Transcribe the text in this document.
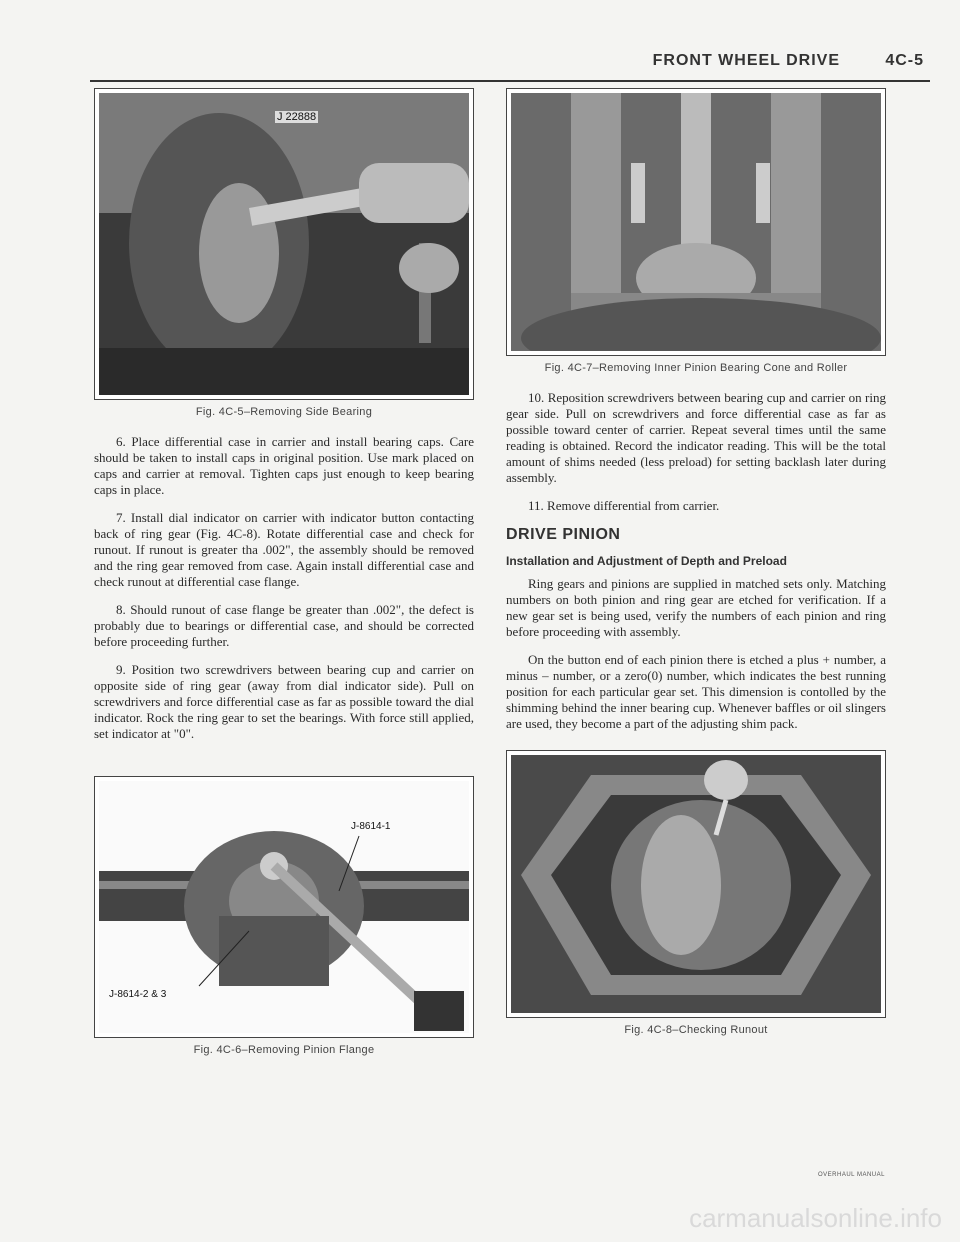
FRONT WHEEL DRIVE	4C-5
J 22888
Fig. 4C-5–Removing Side Bearing

6. Place differential case in carrier and install bearing caps. Care should be taken to install caps in original position. Use mark placed on caps and carrier at removal. Tighten caps just enough to keep bearing caps in place.

7. Install dial indicator on carrier with indicator button contacting back of ring gear (Fig. 4C-8). Rotate differential case and check for runout. If runout is greater tha .002", the assembly should be removed and the ring gear removed from case. Again install differential case and check runout at differential case flange.

8. Should runout of case flange be greater than .002", the defect is probably due to bearings or differential case, and should be corrected before proceeding further.

9. Position two screwdrivers between bearing cup and carrier on opposite side of ring gear (away from dial indicator side). Pull on screwdrivers and force differential case as far as possible toward the dial indicator. Rock the ring gear to set the bearings. With force still applied, set indicator at "0".

J-8614-1
J-8614-2 & 3
Fig. 4C-6–Removing Pinion Flange
Fig. 4C-7–Removing Inner Pinion Bearing Cone and Roller

10. Reposition screwdrivers between bearing cup and carrier on ring gear side. Pull on screwdrivers and force differential case as far as possible toward center of carrier. Repeat several times until the same reading is obtained. Record the indicator reading. This will be the total amount of shims needed (less preload) for setting backlash later during assembly.

11. Remove differential from carrier.

DRIVE PINION
Installation and Adjustment of Depth and Preload

Ring gears and pinions are supplied in matched sets only. Matching numbers on both pinion and ring gear are etched for verification. If a new gear set is being used, verify the numbers of each pinion and ring before proceeding with assembly.

On the button end of each pinion there is etched a plus + number, a minus – number, or a zero(0) number, which indicates the best running position for each particular gear set. This dimension is contolled by the shimming behind the inner bearing cup. Whenever baffles or oil slingers are used, they become a part of the adjusting shim pack.

Fig. 4C-8–Checking Runout
OVERHAUL MANUAL
carmanualsonline.info
